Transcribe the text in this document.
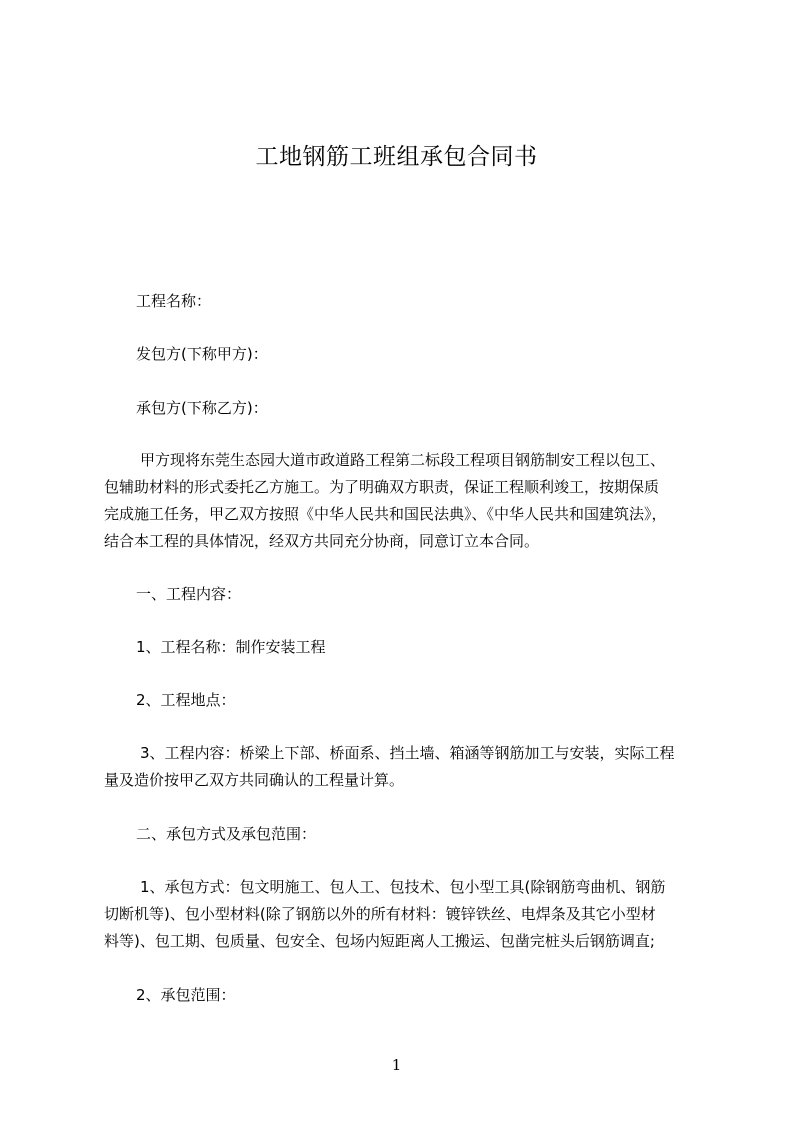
工地钢筋工班组承包合同书
工程名称：
发包方(下称甲方)：
承包方(下称乙方)：
甲方现将东莞生态园大道市政道路工程第二标段工程项目钢筋制安工程以包工、
包辅助材料的形式委托乙方施工。为了明确双方职责，保证工程顺利竣工，按期保质
完成施工任务，甲乙双方按照《中华人民共和国民法典》、《中华人民共和国建筑法》，
结合本工程的具体情况，经双方共同充分协商，同意订立本合同。
一、工程内容：
1、工程名称：制作安装工程
2、工程地点：
3、工程内容：桥梁上下部、桥面系、挡土墙、箱涵等钢筋加工与安装，实际工程
量及造价按甲乙双方共同确认的工程量计算。
二、承包方式及承包范围：
1、承包方式：包文明施工、包人工、包技术、包小型工具(除钢筋弯曲机、钢筋
切断机等)、包小型材料(除了钢筋以外的所有材料：镀锌铁丝、电焊条及其它小型材
料等)、包工期、包质量、包安全、包场内短距离人工搬运、包凿完桩头后钢筋调直;
2、承包范围：
1
